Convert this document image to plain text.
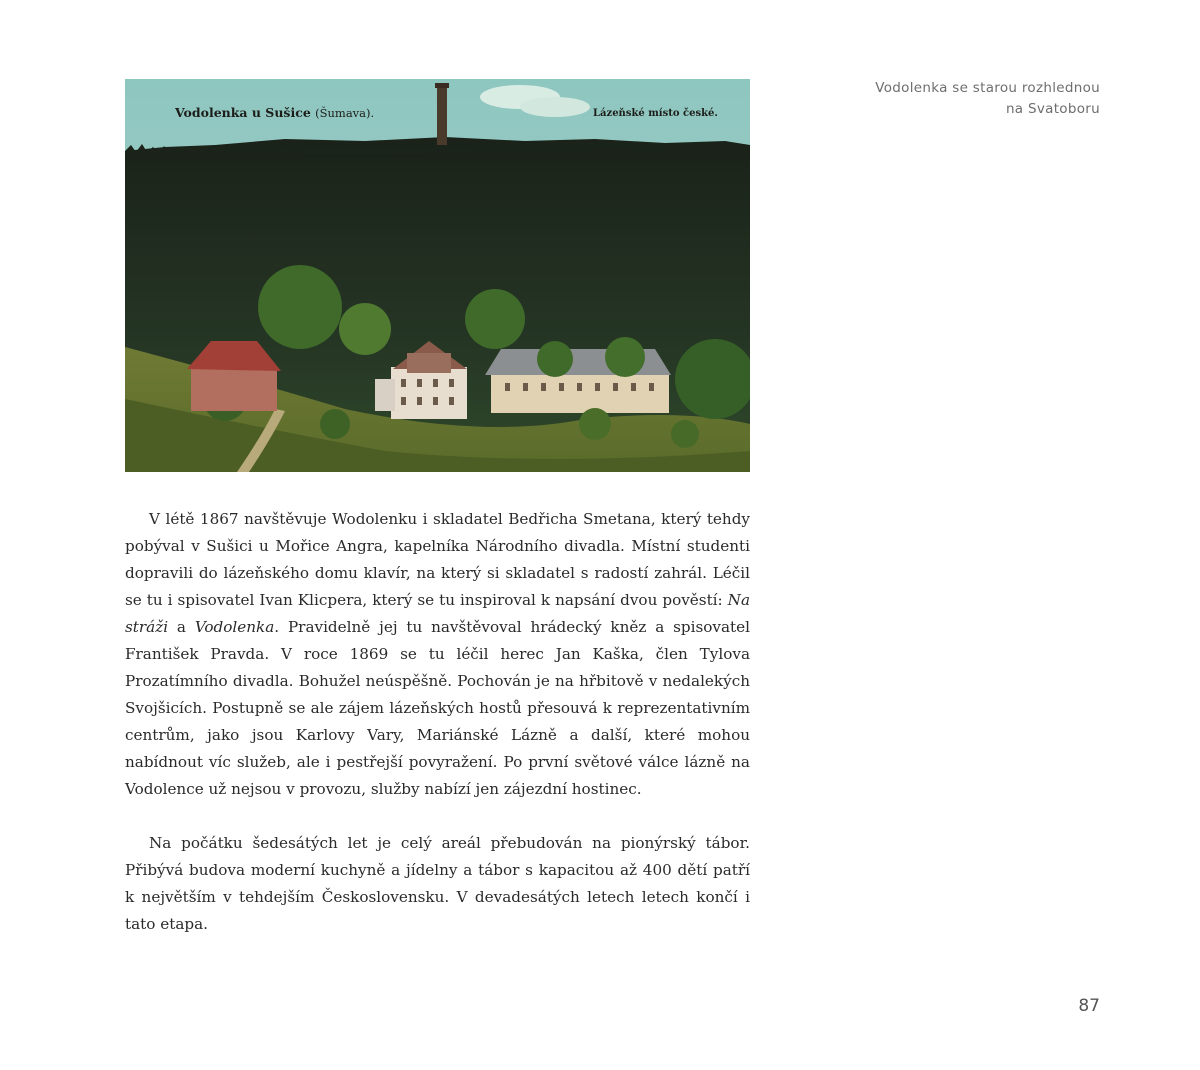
Vodolenka u Sušice (Šumava).	Lázeňské místo české.
Vodolenka se starou rozhlednou
na Svatoboru

V létě 1867 navštěvuje Wodolenku i skladatel Bedřicha Smetana, který tehdy pobýval v Sušici u Mořice Angra, kapelníka Národního divadla. Místní studenti dopravili do lázeňského domu klavír, na který si skladatel s radostí zahrál. Léčil se tu i spisovatel Ivan Klicpera, který se tu inspiroval k napsání dvou pověstí: Na stráži a Vodolenka. Pravidelně jej tu navštěvoval hrádecký kněz a spisovatel František Pravda. V roce 1869 se tu léčil herec Jan Kaška, člen Tylova Prozatímního divadla. Bohužel neúspěšně. Pochován je na hřbitově v nedalekých Svojšicích. Postupně se ale zájem lázeňských hostů přesouvá k reprezentativním centrům, jako jsou Karlovy Vary, Mariánské Lázně a další, které mohou nabídnout víc služeb, ale i pestřejší povyražení. Po první světové válce lázně na Vodolence už nejsou v provozu, služby nabízí jen zájezdní hostinec.

Na počátku šedesátých let je celý areál přebudován na pionýrský tábor. Přibývá budova moderní kuchyně a jídelny a tábor s kapacitou až 400 dětí patří k největším v tehdejším Československu. V devadesátých letech letech končí i tato etapa.

87
